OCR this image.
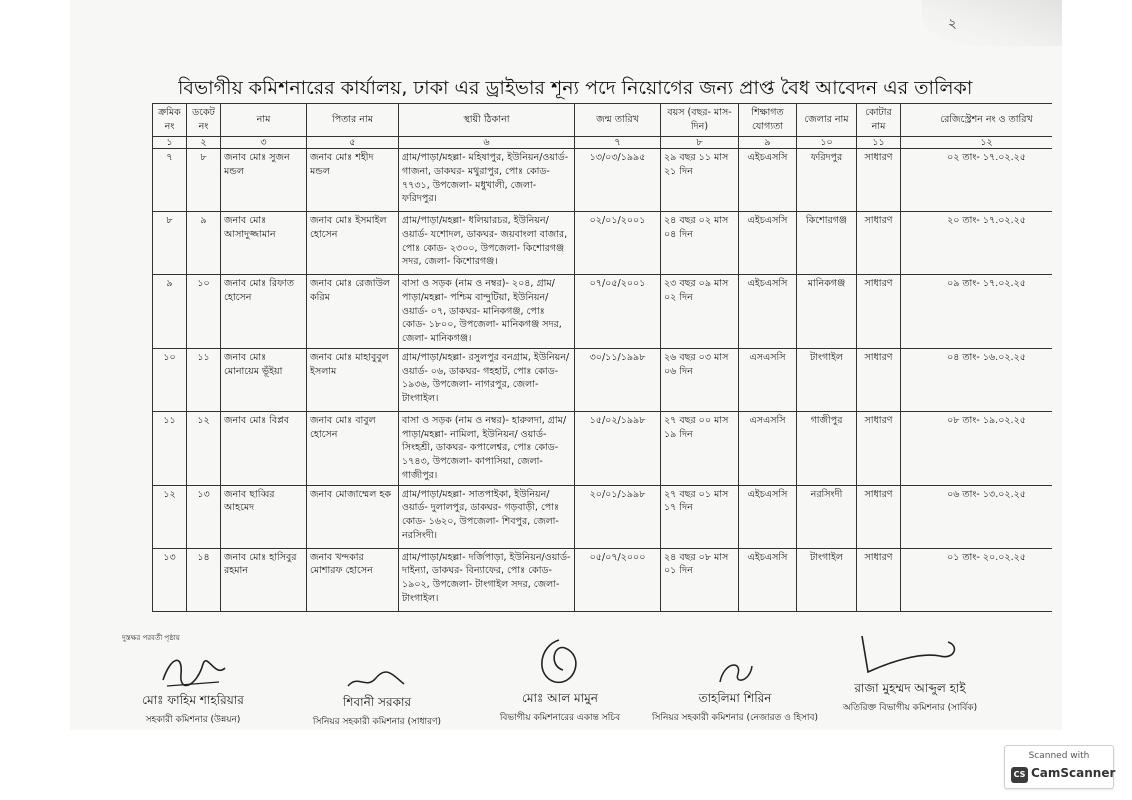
২
বিভাগীয় কমিশনারের কার্যালয়, ঢাকা এর ড্রাইভার শূন্য পদে নিয়োগের জন্য প্রাপ্ত বৈধ আবেদন এর তালিকা
ক্রমিক নং	ডকেট নং	নাম	পিতার নাম	স্থায়ী ঠিকানা	জন্ম তারিখ	বয়স (বছর- মাস- দিন)	শিক্ষাগত যোগ্যতা	জেলার নাম	কোটার নাম	রেজিস্ট্রেশন নং ও তারিখ
১	২	৩	৫	৬	৭	৮	৯	১০	১১	১২
৭	৮	জনাব মোঃ সুজন মন্ডল	জনাব মোঃ শহীদ মন্ডল	গ্রাম/পাড়া/মহল্লা- মহিষাপুর, ইউনিয়ন/ওয়ার্ড- গাজনা, ডাকঘর- মথুরাপুর, পোঃ কোড- ৭৭৩১, উপজেলা- মধুখালী, জেলা- ফরিদপুর।	১৩/০৩/১৯৯৫	২৯ বছর ১১ মাস ২১ দিন	এইচএসসি	ফরিদপুর	সাধারণ	০২ তাং- ১৭.০২.২৫
৮	৯	জনাব মোঃ আসাদুজ্জামান	জনাব মোঃ ইসমাইল হোসেন	গ্রাম/পাড়া/মহল্লা- ধলিয়ারচর, ইউনিয়ন/ ওয়ার্ড- যশোদল, ডাকঘর- জয়বাংলা বাজার, পোঃ কোড- ২৩০০, উপজেলা- কিশোরগঞ্জ সদর, জেলা- কিশোরগঞ্জ।	০২/০১/২০০১	২৪ বছর ০২ মাস ০৪ দিন	এইচএসসি	কিশোরগঞ্জ	সাধারণ	২০ তাং- ১৭.০২.২৫
৯	১০	জনাব মোঃ রিফাত হোসেন	জনাব মোঃ রেজাউল করিম	বাসা ও সড়ক (নাম ও নম্বর)- ২০৪, গ্রাম/পাড়া/মহল্লা- পশ্চিম বান্দুটিয়া, ইউনিয়ন/ওয়ার্ড- ০৭, ডাকঘর- মানিকগঞ্জ, পোঃ কোড- ১৮০০, উপজেলা- মানিকগঞ্জ সদর, জেলা- মানিকগঞ্জ।	০৭/০৫/২০০১	২৩ বছর ০৯ মাস ০২ দিন	এইচএসসি	মানিকগঞ্জ	সাধারণ	০৯ তাং- ১৭.০২.২৫
১০	১১	জনাব মোঃ মোনায়েম ভূঁইয়া	জনাব মোঃ মাহাবুবুল ইসলাম	গ্রাম/পাড়া/মহল্লা- রসুলপুর বনগ্রাম, ইউনিয়ন/ ওয়ার্ড- ০৬, ডাকঘর- গহহাট, পোঃ কোড- ১৯৩৬, উপজেলা- নাগরপুর, জেলা- টাংগাইল।	৩০/১১/১৯৯৮	২৬ বছর ০৩ মাস ০৬ দিন	এসএসসি	টাংগাইল	সাধারণ	০৪ তাং- ১৬.০২.২৫
১১	১২	জনাব মোঃ বিপ্লব	জনাব মোঃ বাবুল হোসেন	বাসা ও সড়ক (নাম ও নম্বর)- হারুলদা, গ্রাম/পাড়া/মহল্লা- নামিলা, ইউনিয়ন/ ওয়ার্ড- সিংহশ্রী, ডাকঘর- কপালেশ্বর, পোঃ কোড- ১৭৪৩, উপজেলা- কাপাসিয়া, জেলা- গাজীপুর।	১৫/০২/১৯৯৮	২৭ বছর ০০ মাস ১৯ দিন	এসএসসি	গাজীপুর	সাধারণ	০৮ তাং- ১৯.০২.২৫
১২	১৩	জনাব ছাব্বির আহমেদ	জনাব মোজাম্মেল হক	গ্রাম/পাড়া/মহল্লা- সাতপাইকা, ইউনিয়ন/ওয়ার্ড- দুলালপুর, ডাকঘর- গড়বাড়ী, পোঃ কোড- ১৬২০, উপজেলা- শিবপুর, জেলা- নরসিংদী।	২০/০১/১৯৯৮	২৭ বছর ০১ মাস ১৭ দিন	এইচএসসি	নরসিংদী	সাধারণ	০৬ তাং- ১৩.০২.২৫
১৩	১৪	জনাব মোঃ হাসিবুর রহমান	জনাব খন্দকার মোশারফ হোসেন	গ্রাম/পাড়া/মহল্লা- দর্জিপাড়া, ইউনিয়ন/ওয়ার্ড- দাইন্যা, ডাকঘর- বিন্যাফের, পোঃ কোড- ১৯০২, উপজেলা- টাংগাইল সদর, জেলা- টাংগাইল।	০৫/০৭/২০০০	২৪ বছর ০৮ মাস ০১ দিন	এইচএসসি	টাংগাইল	সাধারণ	০১ তাং- ২০.০২.২৫
দুস্তক্ষর পরবর্তী পৃষ্ঠায়
মোঃ ফাহিম শাহরিয়ার
সহকারী কমিশনার (উন্নয়ন)
শিবানী সরকার
সিনিয়র সহকারী কমিশনার (সাধারণ)
মোঃ আল মামুন
বিভাগীয় কমিশনারের একান্ত সচিব
তাহলিমা শিরিন
সিনিয়র সহকারী কমিশনার (নেজারত ও হিসাব)
রাজা মুহম্মদ আব্দুল হাই
অতিরিক্ত বিভাগীয় কমিশনার (সার্বিক)
Scanned with
CS CamScanner
